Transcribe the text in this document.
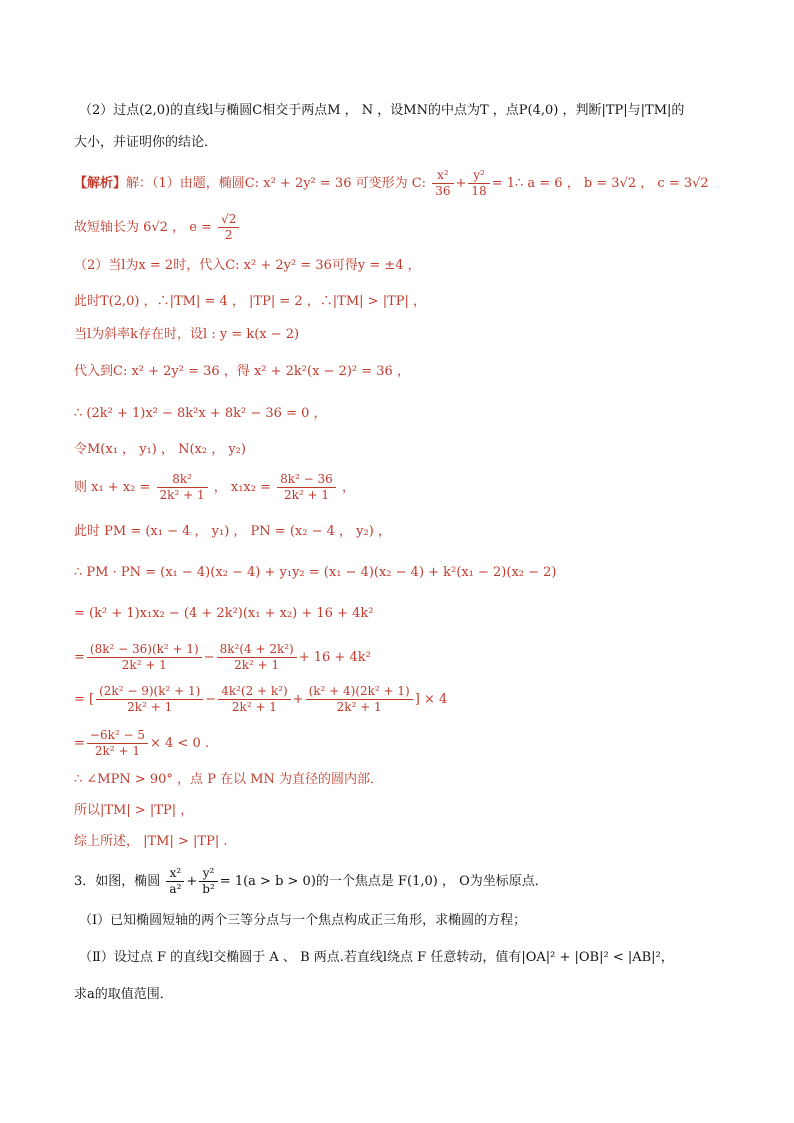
（2）过点(2,0)的直线l与椭圆C相交于两点M ， N ，设MN的中点为T ，点P(4,0) ，判断|TP|与|TM|的
大小，并证明你的结论．
【解析】解：（1）由题，椭圆C: x² + 2y² = 36 可变形为 C: $\frac{\text{x²}}{36} + \frac{\text{y²}}{18}$ = 1∴ a = 6 ， b = 3√2 ， c = 3√2
故短轴长为 6√2 ， $e = \frac{√2}{2}$
（2）当l为x = 2时，代入C: x² + 2y² = 36可得y = ±4 ，
此时T(2,0) ，∴|TM| = 4 ， |TP| = 2 ，∴|TM| > |TP| ，
当l为斜率k存在时，设l : y = k(x − 2)
代入到C: x² + 2y² = 36 ，得 x² + 2k²(x − 2)² = 36 ，
∴ (2k² + 1)x² − 8k²x + 8k² − 36 = 0 ，
令M(x₁ ， y₁) ， N(x₂ ， y₂)
则 $x_1 + x_2 = \frac{\text{8k²}}{\text{2k² + 1}}$ ， $x_1x_2 = \frac{\text{8k² − 36}}{\text{2k² + 1}}$ ，
此时 PM = (x₁ − 4 ， y₁) ， PN = (x₂ − 4 ， y₂) ，
∴ PM · PN = (x₁ − 4)(x₂ − 4) + y₁y₂ = (x₁ − 4)(x₂ − 4) + k²(x₁ − 2)(x₂ − 2)
= (k² + 1)x₁x₂ − (4 + 2k²)(x₁ + x₂) + 16 + 4k²
= $\frac{\text{(8k² − 36)(k² + 1)}}{\text{2k² + 1}} - \frac{\text{8k²(4 + 2k²)}}{\text{2k² + 1}} + 16 + 4k^2$
= [ $\frac{\text{(2k² − 9)(k² + 1)}}{\text{2k² + 1}} - \frac{\text{4k²(2 + k²)}}{\text{2k² + 1}} + \frac{\text{(k² + 4)(2k² + 1)}}{\text{2k² + 1}}$ ] × 4
= $\frac{\text{−6k² − 5}}{\text{2k² + 1}} \times 4 < 0$ .
∴ ∠MPN > 90° ，点 P 在以 MN 为直径的圆内部．
所以|TM| > |TP| ，
综上所述， |TM| > |TP| .
3．如图，椭圆 $\frac{\text{x²}}{\text{a²}} + \frac{\text{y²}}{\text{b²}} = 1(a > b > 0)$的一个焦点是 F(1,0) ， O为坐标原点．
（Ⅰ）已知椭圆短轴的两个三等分点与一个焦点构成正三角形，求椭圆的方程；
（Ⅱ）设过点 F 的直线l交椭圆于 A 、 B 两点.若直线l绕点 F 任意转动，值有|OA|² + |OB|² < |AB|²，
求a的取值范围．
